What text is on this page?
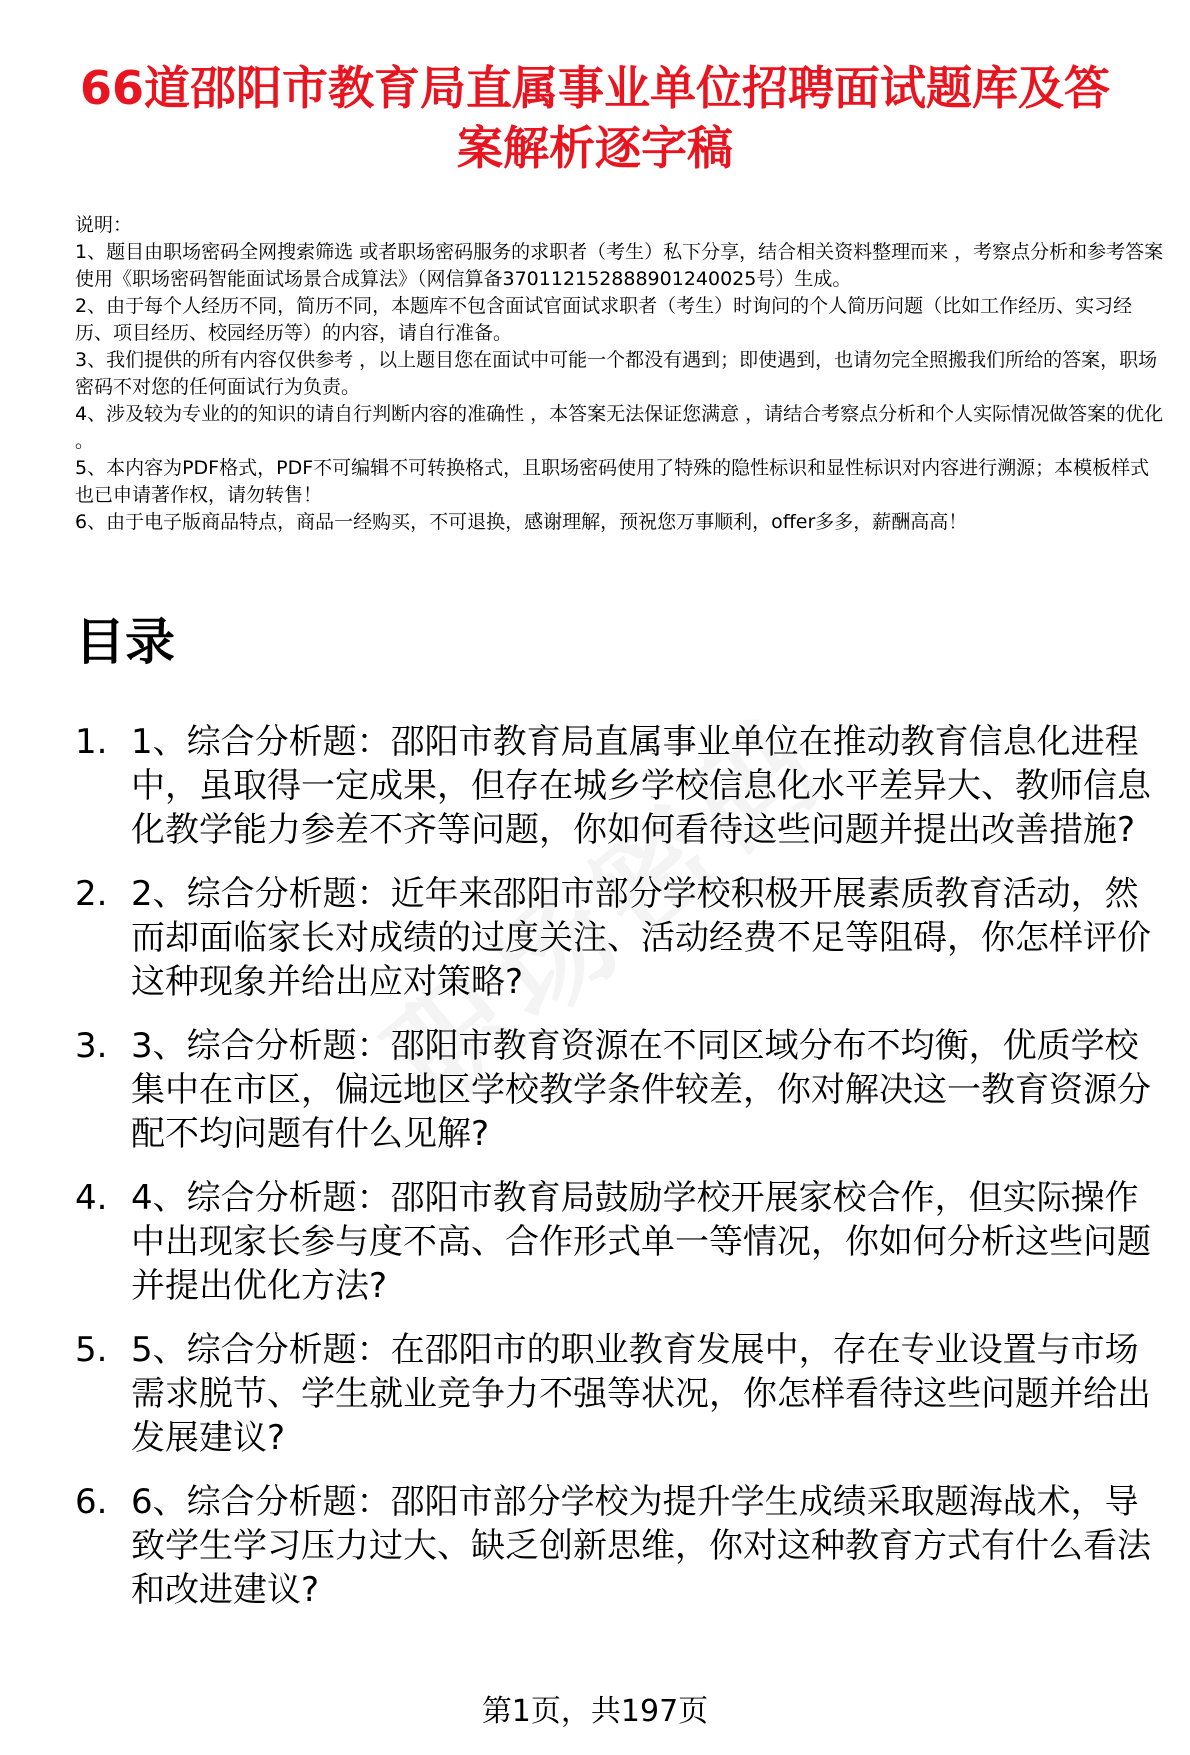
66道邵阳市教育局直属事业单位招聘面试题库及答案解析逐字稿

说明：

1、题目由职场密码全网搜索筛选 或者职场密码服务的求职者（考生）私下分享，结合相关资料整理而来 ，考察点分析和参考答案使用《职场密码智能面试场景合成算法》（网信算备370112152888901240025号）生成。

2、由于每个人经历不同，简历不同，本题库不包含面试官面试求职者（考生）时询问的个人简历问题（比如工作经历、实习经历、项目经历、校园经历等）的内容，请自行准备。

3、我们提供的所有内容仅供参考 ，以上题目您在面试中可能一个都没有遇到；即使遇到，也请勿完全照搬我们所给的答案，职场密码不对您的任何面试行为负责。

4、涉及较为专业的的知识的请自行判断内容的准确性 ，本答案无法保证您满意 ，请结合考察点分析和个人实际情况做答案的优化 。

5、本内容为PDF格式，PDF不可编辑不可转换格式，且职场密码使用了特殊的隐性标识和显性标识对内容进行溯源；本模板样式也已申请著作权，请勿转售！

6、由于电子版商品特点，商品一经购买，不可退换，感谢理解，预祝您万事顺利，offer多多，薪酬高高！

目录
1. 1、综合分析题：邵阳市教育局直属事业单位在推动教育信息化进程中，虽取得一定成果，但存在城乡学校信息化水平差异大、教师信息化教学能力参差不齐等问题，你如何看待这些问题并提出改善措施?
2. 2、综合分析题：近年来邵阳市部分学校积极开展素质教育活动，然而却面临家长对成绩的过度关注、活动经费不足等阻碍，你怎样评价这种现象并给出应对策略?
3. 3、综合分析题：邵阳市教育资源在不同区域分布不均衡，优质学校集中在市区，偏远地区学校教学条件较差，你对解决这一教育资源分配不均问题有什么见解?
4. 4、综合分析题：邵阳市教育局鼓励学校开展家校合作，但实际操作中出现家长参与度不高、合作形式单一等情况，你如何分析这些问题并提出优化方法?
5. 5、综合分析题：在邵阳市的职业教育发展中，存在专业设置与市场需求脱节、学生就业竞争力不强等状况，你怎样看待这些问题并给出发展建议?
6. 6、综合分析题：邵阳市部分学校为提升学生成绩采取题海战术，导致学生学习压力过大、缺乏创新思维，你对这种教育方式有什么看法和改进建议?
第1页，共197页
